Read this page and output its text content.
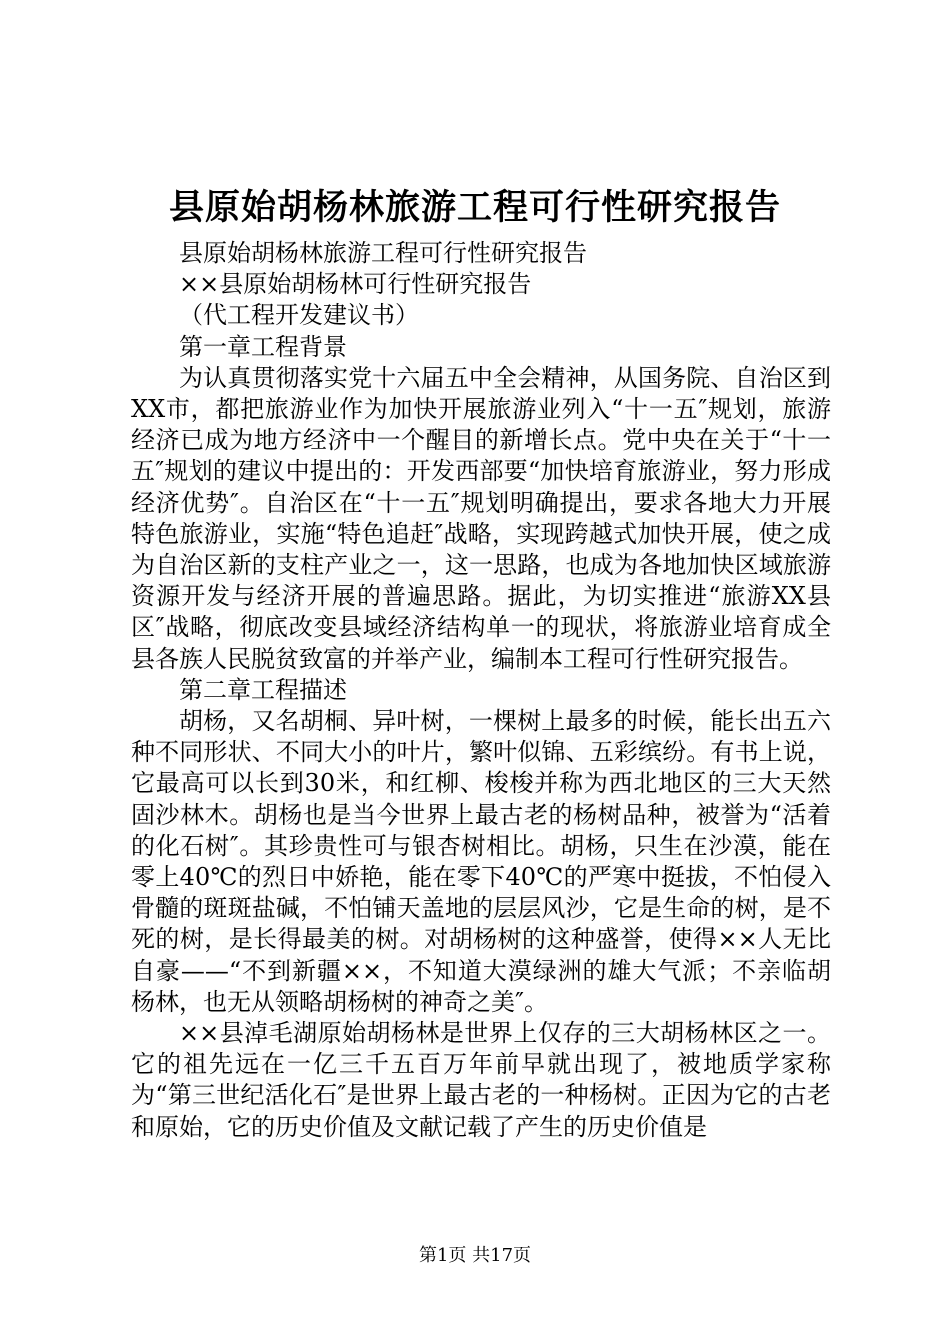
县原始胡杨林旅游工程可行性研究报告

县原始胡杨林旅游工程可行性研究报告

××县原始胡杨林可行性研究报告

（代工程开发建议书）

第一章工程背景

为认真贯彻落实党十六届五中全会精神，从国务院、自治区到XX市，都把旅游业作为加快开展旅游业列入“十一五″规划，旅游经济已成为地方经济中一个醒目的新增长点。党中央在关于“十一五″规划的建议中提出的：开发西部要“加快培育旅游业，努力形成经济优势″。自治区在“十一五″规划明确提出，要求各地大力开展特色旅游业，实施“特色追赶″战略，实现跨越式加快开展，使之成为自治区新的支柱产业之一，这一思路，也成为各地加快区域旅游资源开发与经济开展的普遍思路。据此，为切实推进“旅游XX县区″战略，彻底改变县域经济结构单一的现状，将旅游业培育成全县各族人民脱贫致富的并举产业，编制本工程可行性研究报告。

第二章工程描述

胡杨，又名胡桐、异叶树，一棵树上最多的时候，能长出五六种不同形状、不同大小的叶片，繁叶似锦、五彩缤纷。有书上说，它最高可以长到30米，和红柳、梭梭并称为西北地区的三大天然固沙林木。胡杨也是当今世界上最古老的杨树品种，被誉为“活着的化石树″。其珍贵性可与银杏树相比。胡杨，只生在沙漠，能在零上40℃的烈日中娇艳，能在零下40℃的严寒中挺拔，不怕侵入骨髓的斑斑盐碱，不怕铺天盖地的层层风沙，它是生命的树，是不死的树，是长得最美的树。对胡杨树的这种盛誉，使得××人无比自豪——“不到新疆××，不知道大漠绿洲的雄大气派；不亲临胡杨林，也无从领略胡杨树的神奇之美″。

××县淖毛湖原始胡杨林是世界上仅存的三大胡杨林区之一。它的祖先远在一亿三千五百万年前早就出现了，被地质学家称为“第三世纪活化石″是世界上最古老的一种杨树。正因为它的古老和原始，它的历史价值及文献记载了产生的历史价值是

第1页 共17页
